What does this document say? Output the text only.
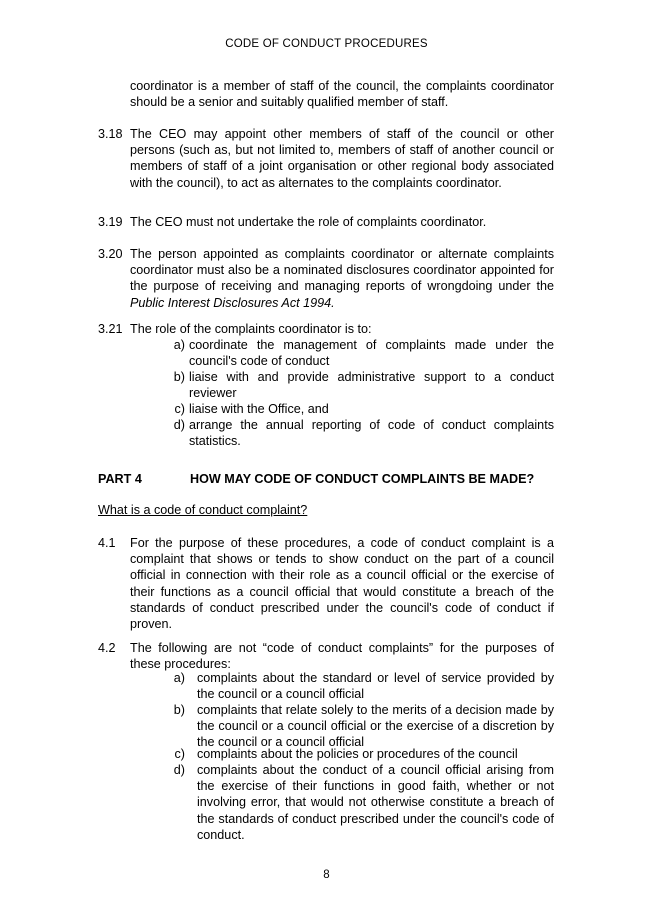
CODE OF CONDUCT PROCEDURES
coordinator is a member of staff of the council, the complaints coordinator should be a senior and suitably qualified member of staff.
3.18 The CEO may appoint other members of staff of the council or other persons (such as, but not limited to, members of staff of another council or members of staff of a joint organisation or other regional body associated with the council), to act as alternates to the complaints coordinator.
3.19 The CEO must not undertake the role of complaints coordinator.
3.20 The person appointed as complaints coordinator or alternate complaints coordinator must also be a nominated disclosures coordinator appointed for the purpose of receiving and managing reports of wrongdoing under the Public Interest Disclosures Act 1994.
3.21 The role of the complaints coordinator is to:
a) coordinate the management of complaints made under the council's code of conduct
b) liaise with and provide administrative support to a conduct reviewer
c) liaise with the Office, and
d) arrange the annual reporting of code of conduct complaints statistics.
PART 4	HOW MAY CODE OF CONDUCT COMPLAINTS BE MADE?
What is a code of conduct complaint?
4.1 For the purpose of these procedures, a code of conduct complaint is a complaint that shows or tends to show conduct on the part of a council official in connection with their role as a council official or the exercise of their functions as a council official that would constitute a breach of the standards of conduct prescribed under the council's code of conduct if proven.
4.2 The following are not “code of conduct complaints” for the purposes of these procedures:
a) complaints about the standard or level of service provided by the council or a council official
b) complaints that relate solely to the merits of a decision made by the council or a council official or the exercise of a discretion by the council or a council official
c) complaints about the policies or procedures of the council
d) complaints about the conduct of a council official arising from the exercise of their functions in good faith, whether or not involving error, that would not otherwise constitute a breach of the standards of conduct prescribed under the council's code of conduct.
8
